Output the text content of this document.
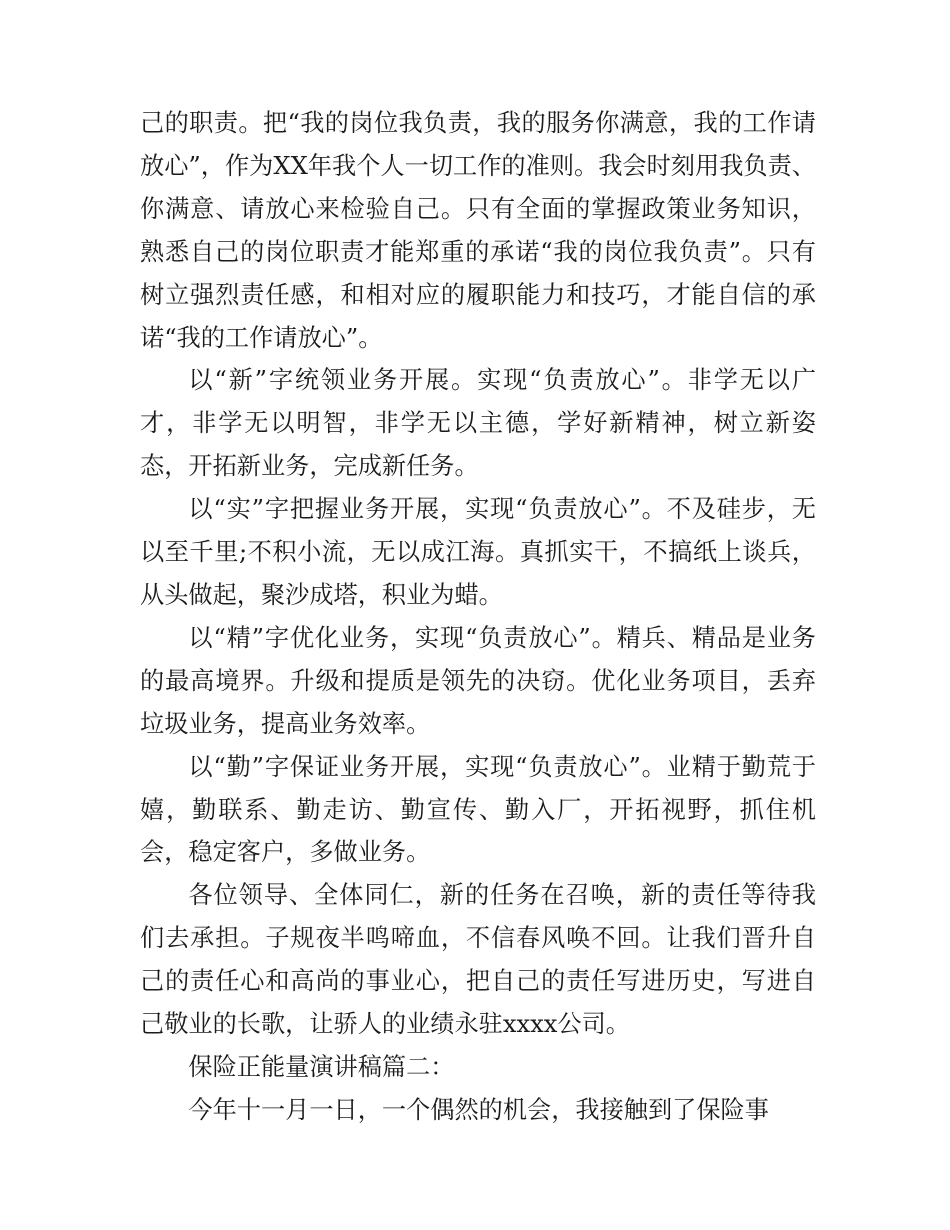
己的职责。把“我的岗位我负责，我的服务你满意，我的工作请放心”，作为XX年我个人一切工作的准则。我会时刻用我负责、你满意、请放心来检验自己。只有全面的掌握政策业务知识，熟悉自己的岗位职责才能郑重的承诺“我的岗位我负责”。只有树立强烈责任感，和相对应的履职能力和技巧，才能自信的承诺“我的工作请放心”。

以“新”字统领业务开展。实现“负责放心”。非学无以广才，非学无以明智，非学无以主德，学好新精神，树立新姿态，开拓新业务，完成新任务。

以“实”字把握业务开展，实现“负责放心”。不及硅步，无以至千里;不积小流，无以成江海。真抓实干，不搞纸上谈兵，从头做起，聚沙成塔，积业为蜡。

以“精”字优化业务，实现“负责放心”。精兵、精品是业务的最高境界。升级和提质是领先的决窃。优化业务项目，丢弃垃圾业务，提高业务效率。

以“勤”字保证业务开展，实现“负责放心”。业精于勤荒于嬉，勤联系、勤走访、勤宣传、勤入厂，开拓视野，抓住机会，稳定客户，多做业务。

各位领导、全体同仁，新的任务在召唤，新的责任等待我们去承担。子规夜半鸣啼血，不信春风唤不回。让我们晋升自己的责任心和高尚的事业心，把自己的责任写进历史，写进自己敬业的长歌，让骄人的业绩永驻xxxx公司。

保险正能量演讲稿篇二：

今年十一月一日，一个偶然的机会，我接触到了保险事
